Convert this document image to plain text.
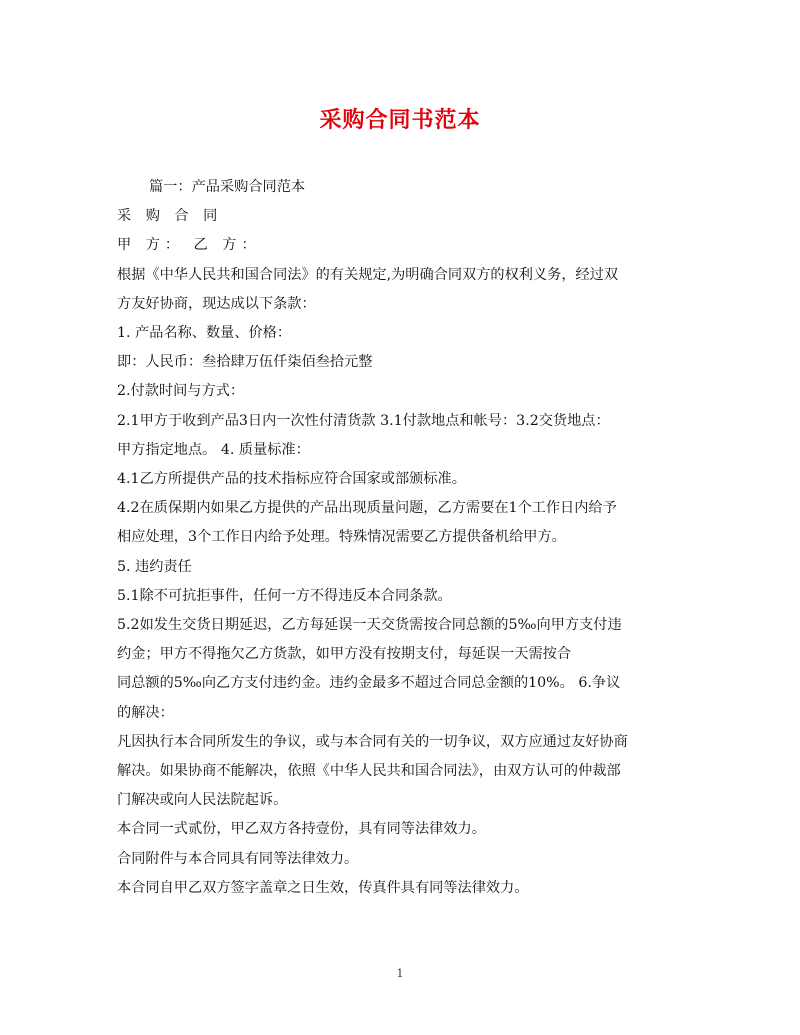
采购合同书范本

篇一：产品采购合同范本

采 购 合 同

甲 方： 乙 方：

根据《中华人民共和国合同法》的有关规定,为明确合同双方的权利义务，经过双

方友好协商，现达成以下条款：

1. 产品名称、数量、价格：

即：人民币：叁拾肆万伍仟柒佰叁拾元整

2.付款时间与方式：

2.1甲方于收到产品3日内一次性付清货款 3.1付款地点和帐号：3.2交货地点：

甲方指定地点。 4. 质量标准：

4.1乙方所提供产品的技术指标应符合国家或部颁标准。

4.2在质保期内如果乙方提供的产品出现质量问题，乙方需要在1个工作日内给予

相应处理，3个工作日内给予处理。特殊情况需要乙方提供备机给甲方。

5. 违约责任

5.1除不可抗拒事件，任何一方不得违反本合同条款。

5.2如发生交货日期延迟，乙方每延误一天交货需按合同总额的5‰向甲方支付违

约金；甲方不得拖欠乙方货款，如甲方没有按期支付，每延误一天需按合

同总额的5‰向乙方支付违约金。违约金最多不超过合同总金额的10%。 6.争议

的解决：

凡因执行本合同所发生的争议，或与本合同有关的一切争议，双方应通过友好协商

解决。如果协商不能解决，依照《中华人民共和国合同法》，由双方认可的仲裁部

门解决或向人民法院起诉。

本合同一式贰份，甲乙双方各持壹份，具有同等法律效力。

合同附件与本合同具有同等法律效力。

本合同自甲乙双方签字盖章之日生效，传真件具有同等法律效力。

1
